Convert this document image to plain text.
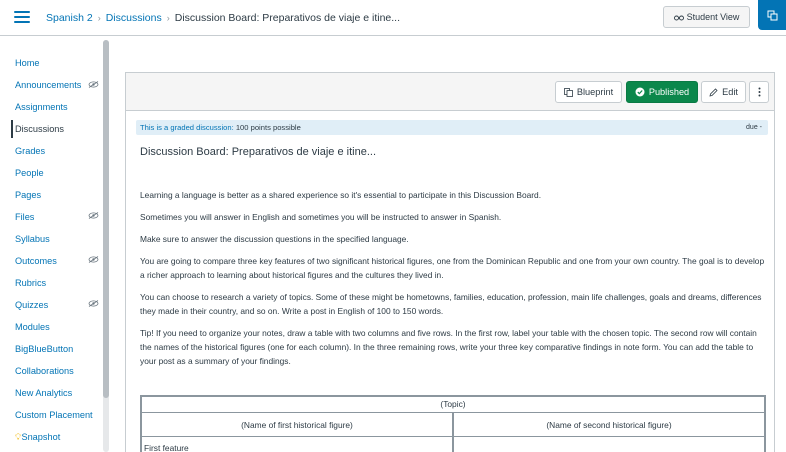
Spanish 2 › Discussions › Discussion Board: Preparativos de viaje e itine...	Student View
Home
Announcements
Assignments
Discussions
Grades
People
Pages
Files
Syllabus
Outcomes
Rubrics
Quizzes
Modules
BigBlueButton
Collaborations
New Analytics
Custom Placement
💡︎Snapshot
Blueprint	Published	Edit
This is a graded discussion: 100 points possible	due -
Discussion Board: Preparativos de viaje e itine...

Learning a language is better as a shared experience so it's essential to participate in this Discussion Board.

Sometimes you will answer in English and sometimes you will be instructed to answer in Spanish.

Make sure to answer the discussion questions in the specified language.

You are going to compare three key features of two significant historical figures, one from the Dominican Republic and one from your own country. The goal is to develop a richer approach to learning about historical figures and the cultures they lived in.

You can choose to research a variety of topics. Some of these might be hometowns, families, education, profession, main life challenges, goals and dreams, differences they made in their country, and so on. Write a post in English of 100 to 150 words.

Tip! If you need to organize your notes, draw a table with two columns and five rows. In the first row, label your table with the chosen topic. The second row will contain the names of the historical figures (one for each column). In the three remaining rows, write your three key comparative findings in note form. You can add the table to your post as a summary of your findings.

(Topic)
(Name of first historical figure)	(Name of second historical figure)
First feature
